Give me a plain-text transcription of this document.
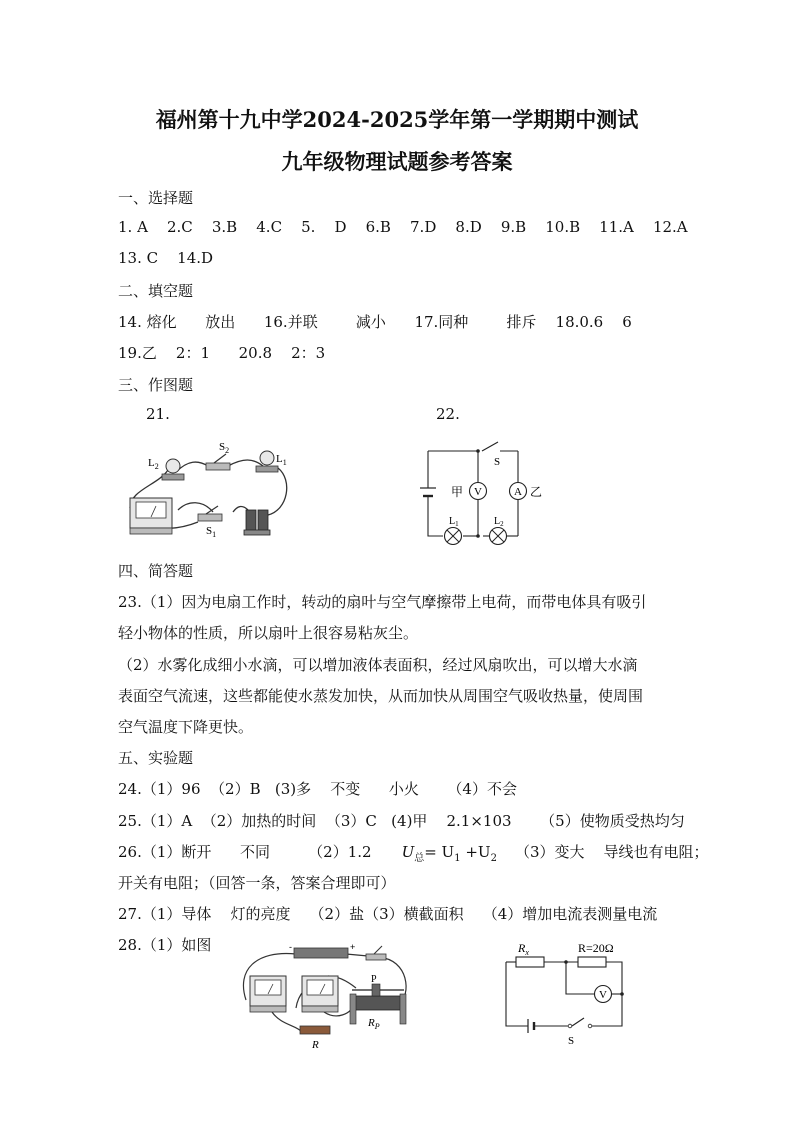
福州第十九中学2024-2025学年第一学期期中测试
九年级物理试题参考答案
一、选择题
1. A    2.C    3.B    4.C    5.    D    6.B    7.D    8.D    9.B    10.B    11.A    12.A
13. C    14.D
二、填空题
14. 熔化      放出      16.并联        减小      17.同种        排斥    18.0.6    6
19.乙    2：1      20.8    2：3
三、作图题
21.	22.
$L_2$
$S_2$
$L_1$
$S_1$
V	A
S
甲	乙
$L_1$	$L_2$
四、简答题
23.（1）因为电扇工作时，转动的扇叶与空气摩擦带上电荷，而带电体具有吸引
轻小物体的性质，所以扇叶上很容易粘灰尘。
（2）水雾化成细小水滴，可以增加液体表面积，经过风扇吹出，可以增大水滴
表面空气流速，这些都能使水蒸发加快，从而加快从周围空气吸收热量，使周围
空气温度下降更快。
五、实验题
24.（1）96  （2）B   (3)多    不变      小火      （4）不会
25.（1）A  （2）加热的时间  （3）C   (4)甲    2.1×103      （5）使物质受热均匀
26.（1）断开      不同        （2）1.2 $U_总= U_1 +U_2$ （3）变大    导线也有电阻；
开关有电阻；（回答一条，答案合理即可）
27.（1）导体    灯的亮度    （2）盐（3）横截面积    （4）增加电流表测量电流
28.（1）如图	-	+
P
$R_P$
R
V
$R_x$	R=20Ω
S
